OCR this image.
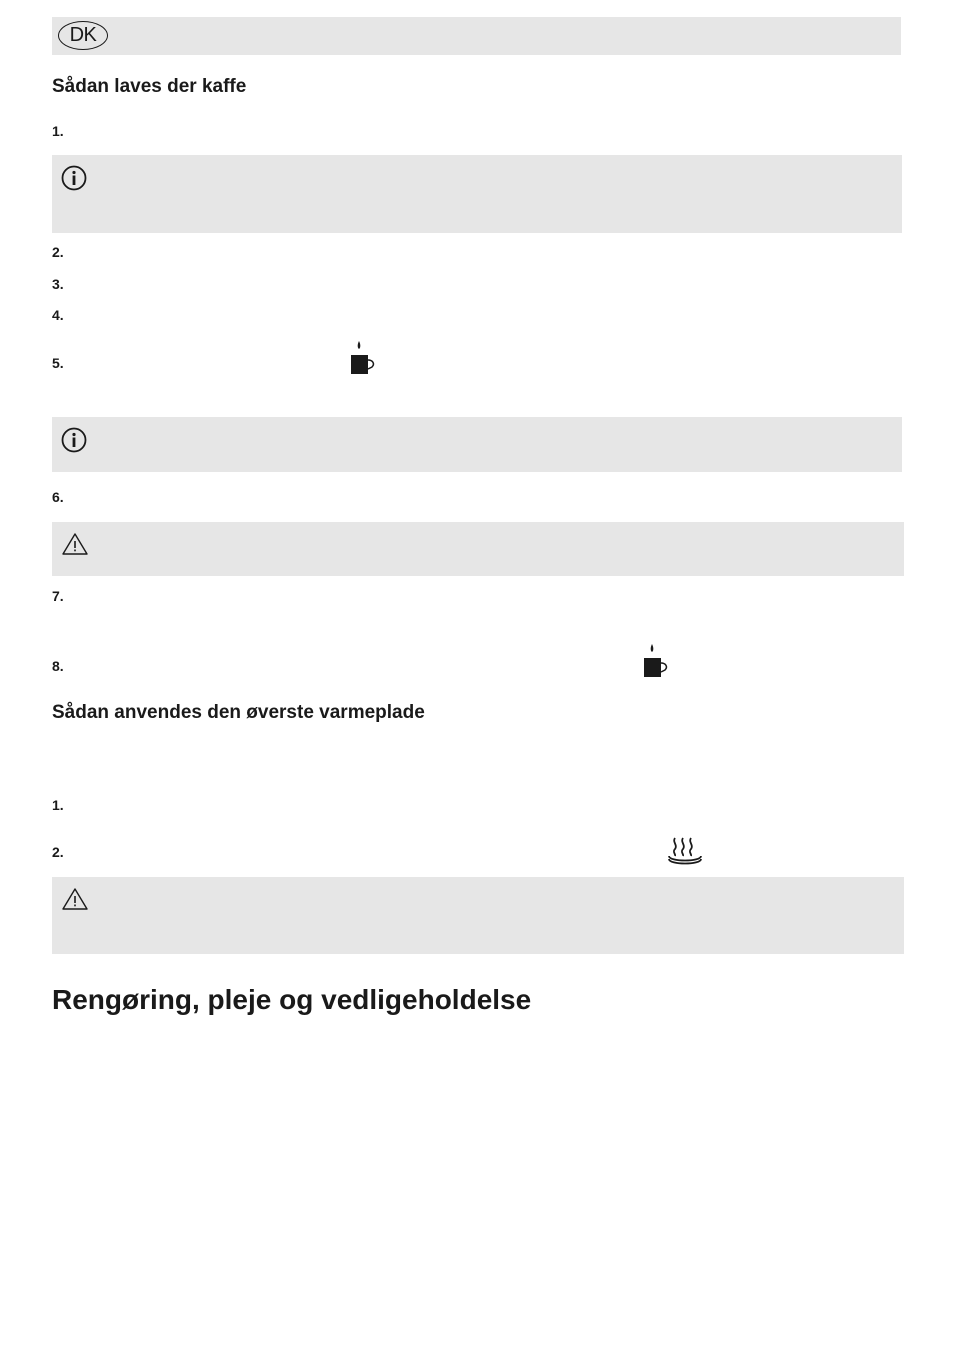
DK
Sådan laves der kaffe
1.
2.
3.
4.
5.
6.
7.
8.
Sådan anvendes den øverste varmeplade
1.
2.
Rengøring, pleje og vedligeholdelse
